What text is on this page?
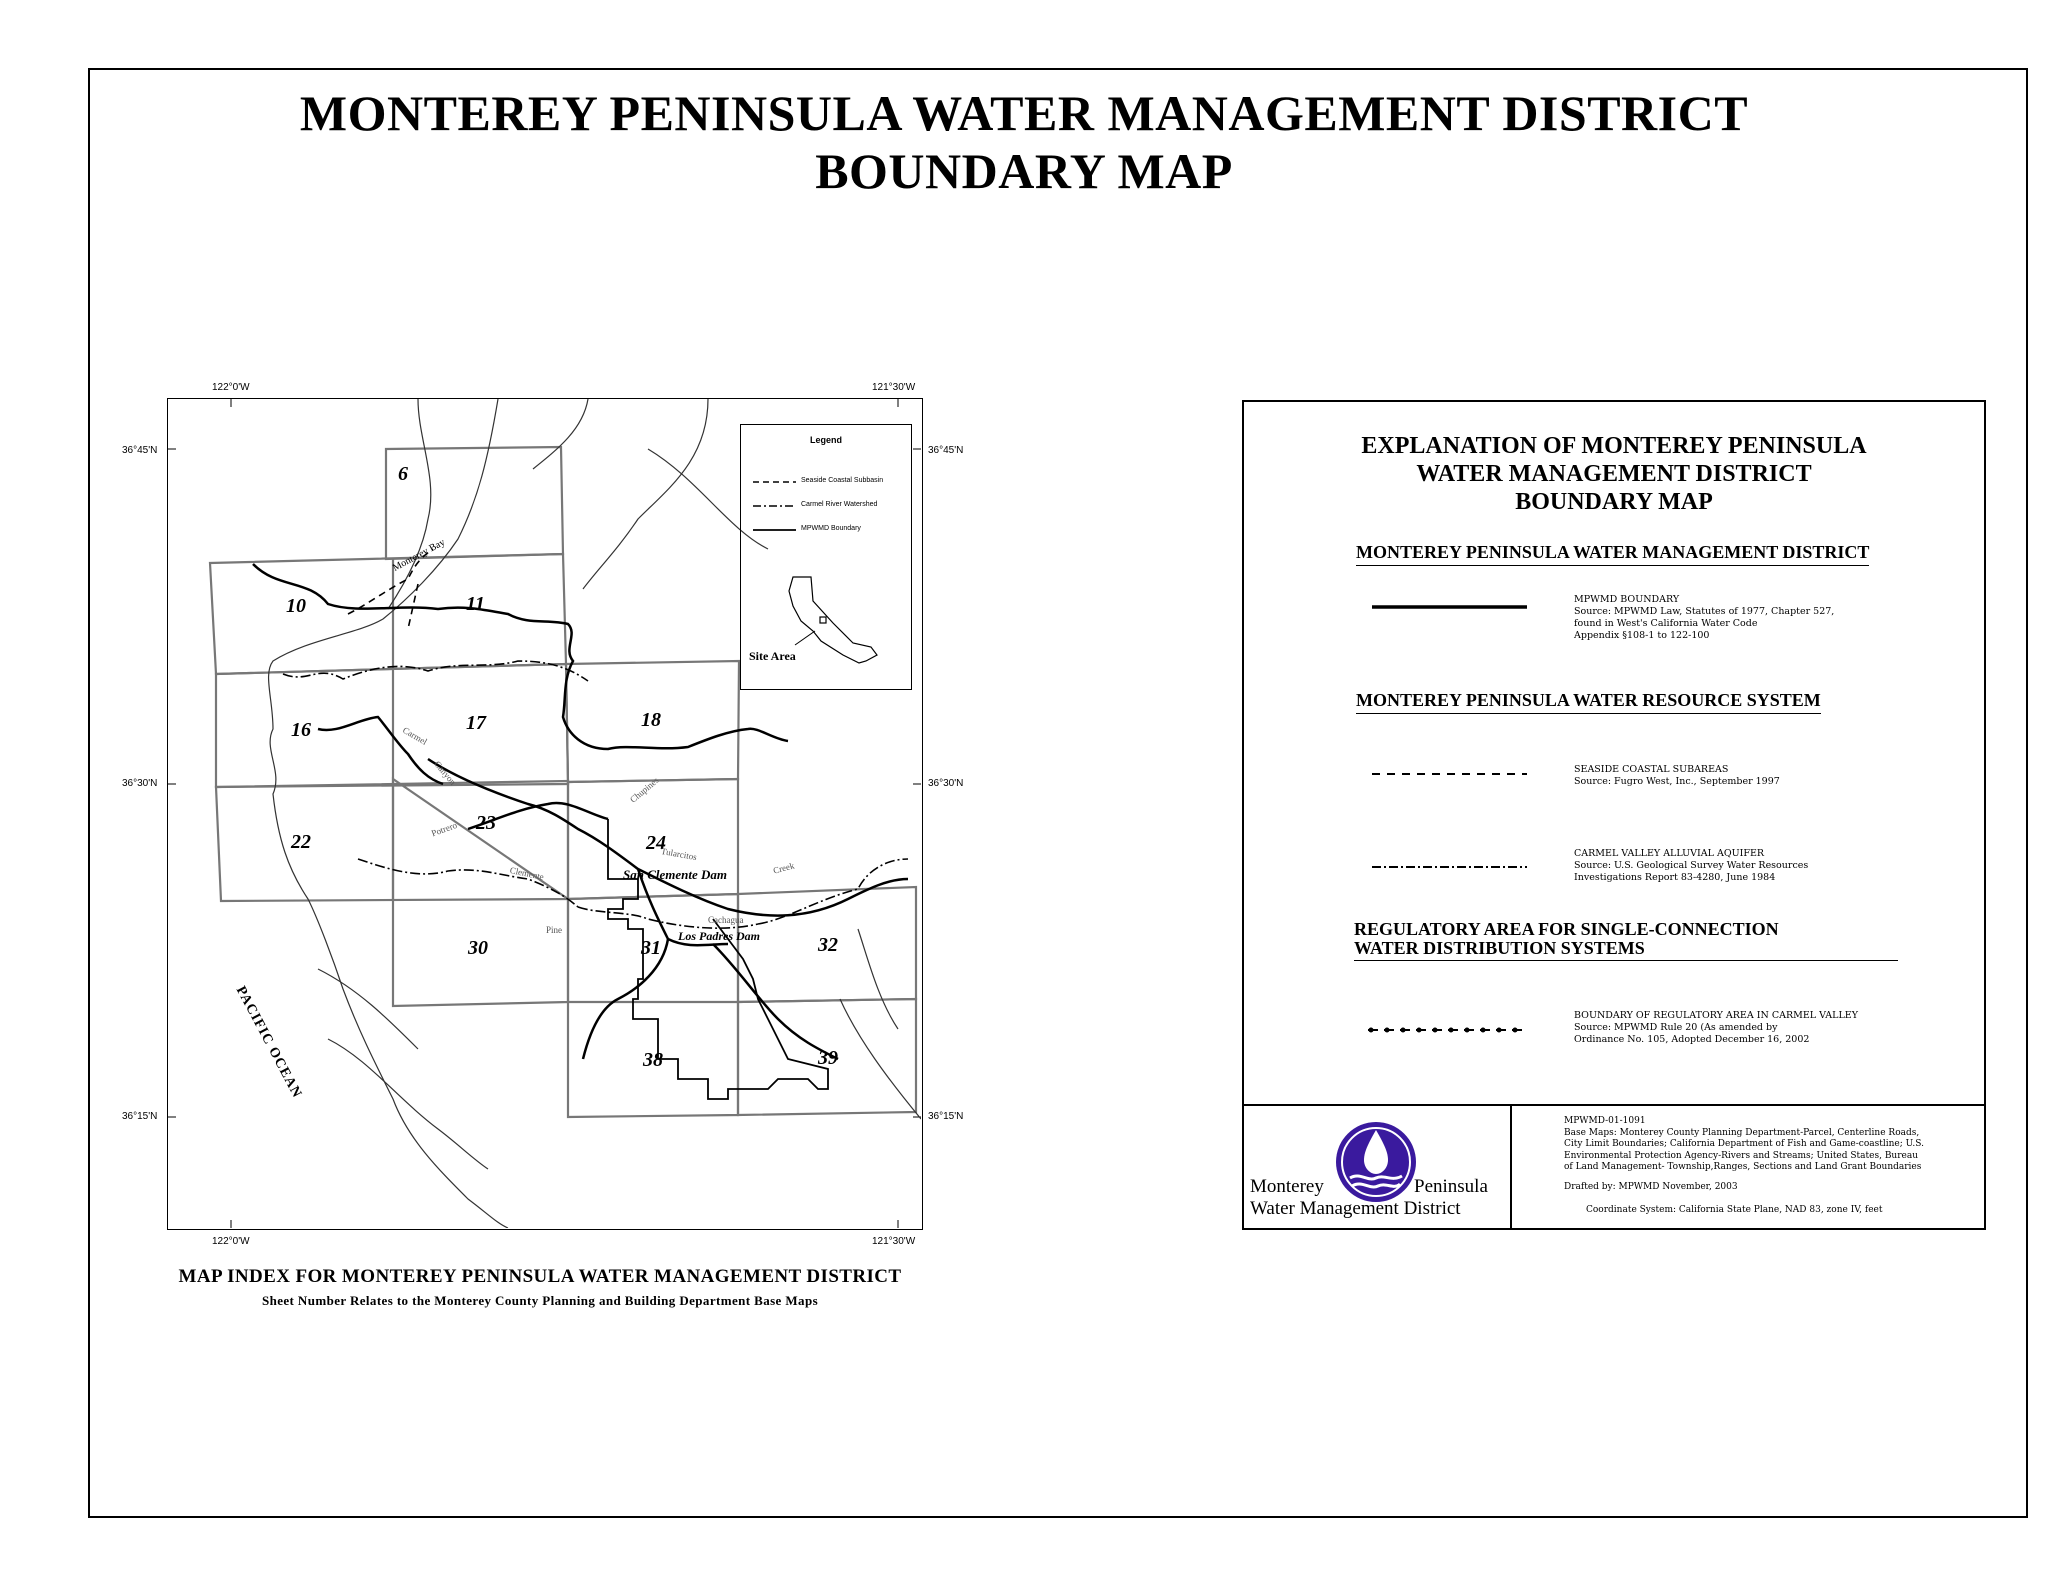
MONTEREY PENINSULA WATER MANAGEMENT DISTRICT
BOUNDARY MAP
122°0'W	121°30'W
122°0'W	121°30'W
36°45'N
36°30'N
36°15'N
36°45'N
36°30'N
36°15'N
6
10	11
16	17	18
22
23
24
30	31	32
38	39
Monterey Bay
PACIFIC OCEAN
San Clemente Dam
Los Padres Dam
Carmel
Tularcitos
Cachagua
Chupines
Creek
Potrero
Canyon
Pine
Clemente
Legend
Seaside Coastal Subbasin
Carmel River Watershed
MPWMD Boundary
Site Area
MAP INDEX FOR MONTEREY PENINSULA WATER MANAGEMENT DISTRICT
Sheet Number Relates to the Monterey County Planning and Building Department Base Maps
EXPLANATION OF MONTEREY PENINSULA
WATER MANAGEMENT DISTRICT
BOUNDARY MAP
MONTEREY PENINSULA WATER MANAGEMENT DISTRICT
MPWMD BOUNDARY
Source: MPWMD Law, Statutes of 1977, Chapter 527,
found in West's California Water Code
Appendix §108-1 to 122-100
MONTEREY PENINSULA WATER RESOURCE SYSTEM
SEASIDE COASTAL SUBAREAS
Source: Fugro West, Inc., September 1997
CARMEL VALLEY ALLUVIAL AQUIFER
Source: U.S. Geological Survey Water Resources
Investigations Report 83-4280, June 1984
REGULATORY AREA FOR SINGLE-CONNECTION
WATER DISTRIBUTION SYSTEMS
BOUNDARY OF REGULATORY AREA IN CARMEL VALLEY
Source: MPWMD Rule 20 (As amended by
Ordinance No. 105, Adopted December 16, 2002
Monterey	Peninsula
Water Management District
MPWMD-01-1091
Base Maps: Monterey County Planning Department-Parcel, Centerline Roads,
City Limit Boundaries; California Department of Fish and Game-coastline; U.S.
Environmental Protection Agency-Rivers and Streams; United States, Bureau
of Land Management- Township,Ranges, Sections and Land Grant Boundaries
Drafted by: MPWMD November, 2003
Coordinate System: California State Plane, NAD 83, zone IV, feet
